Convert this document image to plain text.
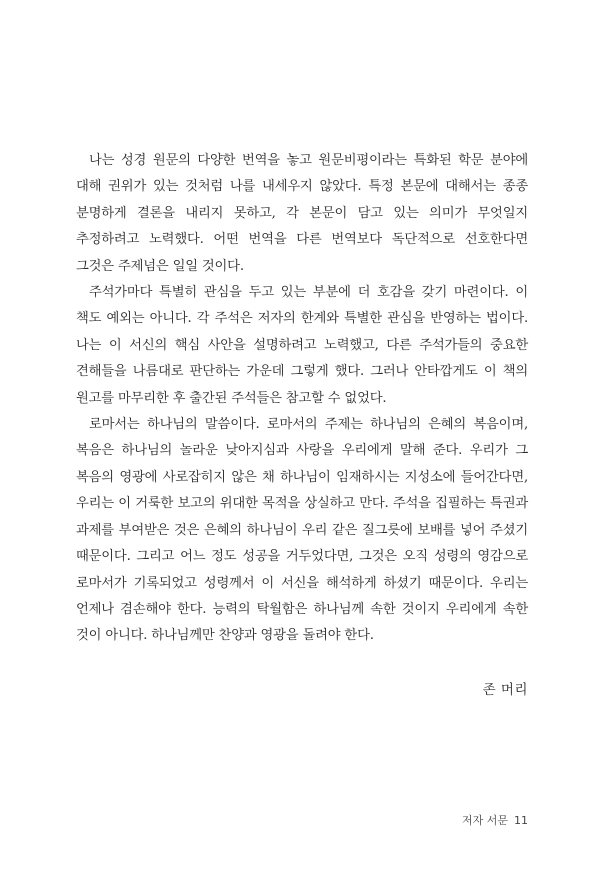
나는 성경 원문의 다양한 번역을 놓고 원문비평이라는 특화된 학문 분야에 대해 권위가 있는 것처럼 나를 내세우지 않았다. 특정 본문에 대해서는 종종 분명하게 결론을 내리지 못하고, 각 본문이 담고 있는 의미가 무엇일지 추정하려고 노력했다. 어떤 번역을 다른 번역보다 독단적으로 선호한다면 그것은 주제넘은 일일 것이다.

주석가마다 특별히 관심을 두고 있는 부분에 더 호감을 갖기 마련이다. 이 책도 예외는 아니다. 각 주석은 저자의 한계와 특별한 관심을 반영하는 법이다. 나는 이 서신의 핵심 사안을 설명하려고 노력했고, 다른 주석가들의 중요한 견해들을 나름대로 판단하는 가운데 그렇게 했다. 그러나 안타깝게도 이 책의 원고를 마무리한 후 출간된 주석들은 참고할 수 없었다.

로마서는 하나님의 말씀이다. 로마서의 주제는 하나님의 은혜의 복음이며, 복음은 하나님의 놀라운 낮아지심과 사랑을 우리에게 말해 준다. 우리가 그 복음의 영광에 사로잡히지 않은 채 하나님이 임재하시는 지성소에 들어간다면, 우리는 이 거룩한 보고의 위대한 목적을 상실하고 만다. 주석을 집필하는 특권과 과제를 부여받은 것은 은혜의 하나님이 우리 같은 질그릇에 보배를 넣어 주셨기 때문이다. 그리고 어느 정도 성공을 거두었다면, 그것은 오직 성령의 영감으로 로마서가 기록되었고 성령께서 이 서신을 해석하게 하셨기 때문이다. 우리는 언제나 겸손해야 한다. 능력의 탁월함은 하나님께 속한 것이지 우리에게 속한 것이 아니다. 하나님께만 찬양과 영광을 돌려야 한다.

존 머리
저자 서문 11
